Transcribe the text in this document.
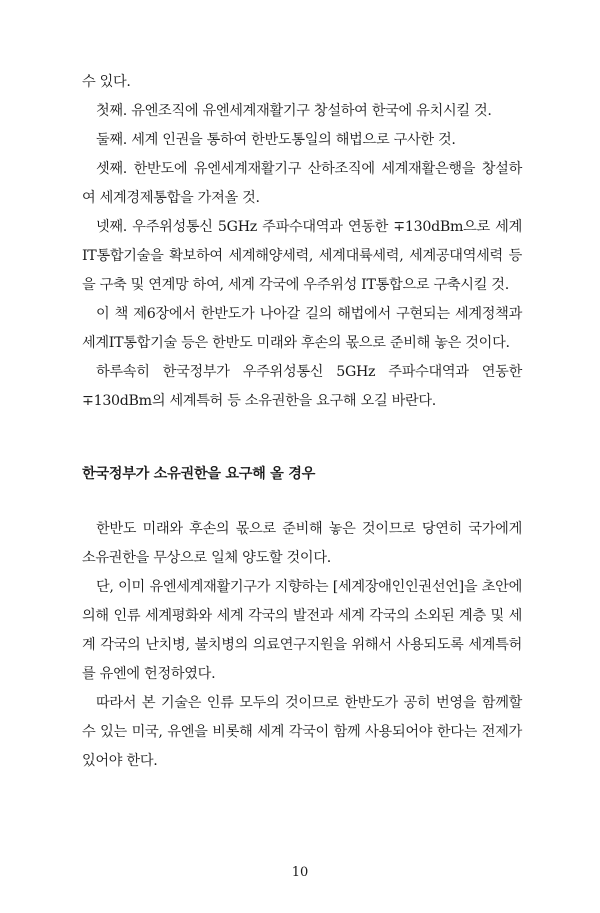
수 있다.

첫째. 유엔조직에 유엔세계재활기구 창설하여 한국에 유치시킬 것.

둘째. 세계 인권을 통하여 한반도통일의 해법으로 구사한 것.

셋째. 한반도에 유엔세계재활기구 산하조직에 세계재활은행을 창설하여 세계경제통합을 가져올 것.

넷째. 우주위성통신 5GHz 주파수대역과 연동한 ∓130dBm으로 세계IT통합기술을 확보하여 세계해양세력, 세계대륙세력, 세계공대역세력 등을 구축 및 연계망 하여, 세계 각국에 우주위성 IT통합으로 구축시킬 것.

이 책 제6장에서 한반도가 나아갈 길의 해법에서 구현되는 세계정책과 세계IT통합기술 등은 한반도 미래와 후손의 몫으로 준비해 놓은 것이다.

하루속히 한국정부가 우주위성통신 5GHz 주파수대역과 연동한 ∓130dBm의 세계특허 등 소유권한을 요구해 오길 바란다.

한국정부가 소유권한을 요구해 올 경우

한반도 미래와 후손의 몫으로 준비해 놓은 것이므로 당연히 국가에게 소유권한을 무상으로 일체 양도할 것이다.

단, 이미 유엔세계재활기구가 지향하는 [세계장애인인권선언]을 초안에 의해 인류 세계평화와 세계 각국의 발전과 세계 각국의 소외된 계층 및 세계 각국의 난치병, 불치병의 의료연구지원을 위해서 사용되도록 세계특허를 유엔에 헌정하였다.

따라서 본 기술은 인류 모두의 것이므로 한반도가 공히 번영을 함께할 수 있는 미국, 유엔을 비롯해 세계 각국이 함께 사용되어야 한다는 전제가 있어야 한다.

10
